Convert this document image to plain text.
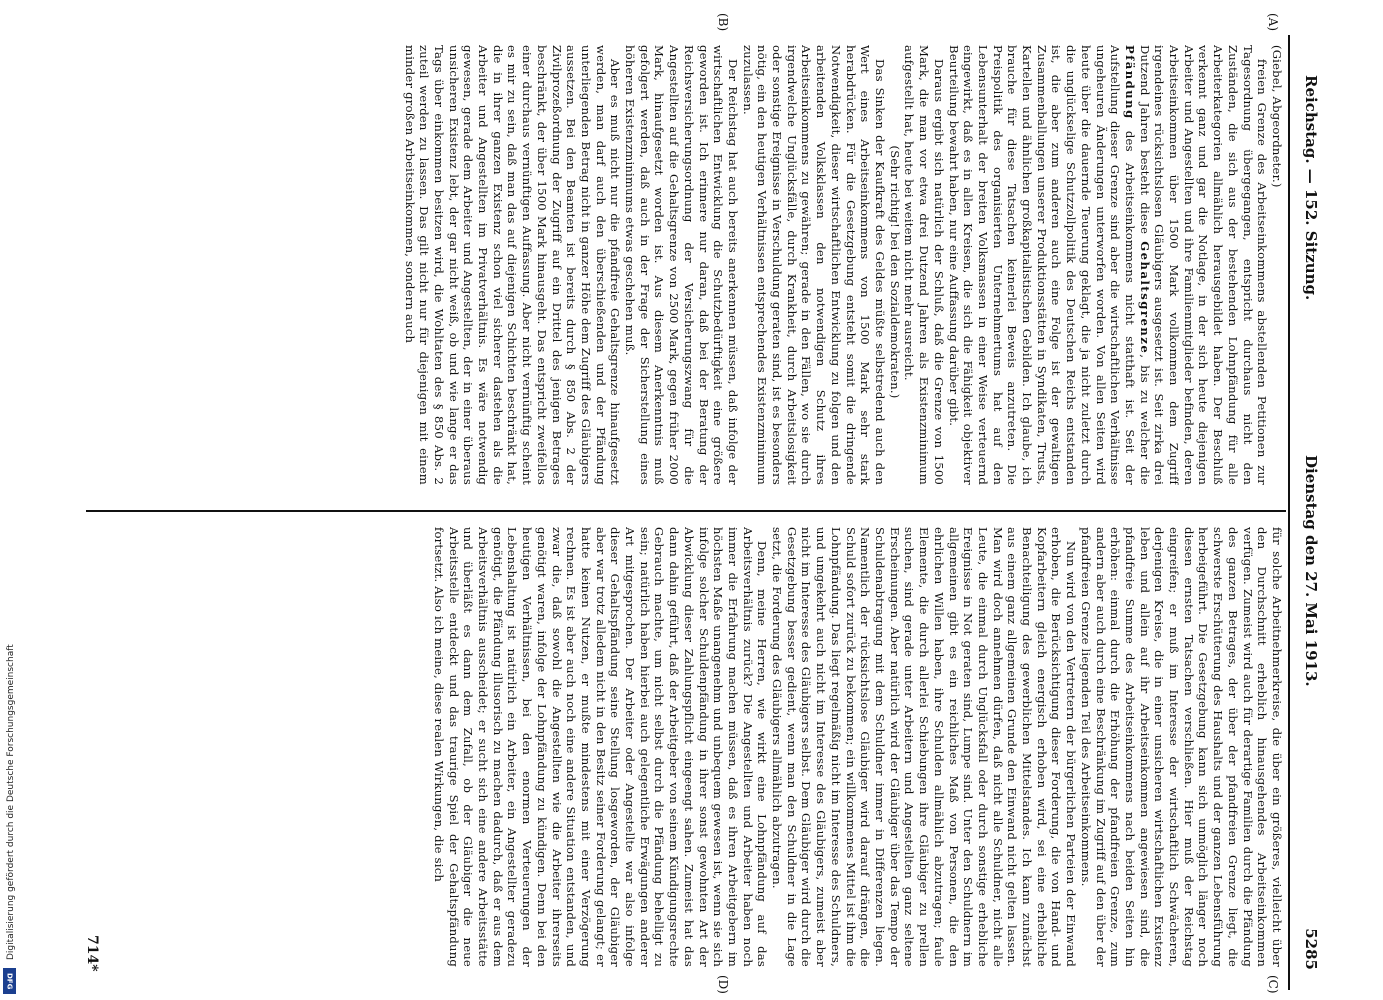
Digitalisierung gefördert durch die Deutsche Forschungsgemeinschaft
DFG
Reichstag. — 152. Sitzung.
Dienstag den 27. Mai 1913.
5285
(A)
(B)
(C)
(D)

(Giebel, Abgeordneter.)

freien Grenze des Arbeitseinkommens abstellenden Petitionen zur Tagesordnung übergegangen, entspricht durchaus nicht den Zuständen, die sich aus der bestehenden Lohnpfändung für alle Arbeiterkategorien allmählich herausgebildet haben. Der Beschluß verkennt ganz und gar die Notlage, in der sich heute diejenigen Arbeiter und Angestellten und ihre Familienmitglieder befinden, deren Arbeitseinkommen über 1500 Mark vollkommen dem Zugriff irgendeines rücksichtslosen Gläubigers ausgesetzt ist. Seit zirka drei Dutzend Jahren besteht diese Gehaltsgrenze, bis zu welcher die Pfändung des Arbeitseinkommens nicht statthaft ist. Seit der Aufstellung dieser Grenze sind aber die wirtschaftlichen Verhältnisse ungeheuren Änderungen unterworfen worden. Von allen Seiten wird heute über die dauernde Teuerung geklagt, die ja nicht zuletzt durch die unglückselige Schutzzollpolitik des Deutschen Reichs entstanden ist, die aber zum anderen auch eine Folge ist der gewaltigen Zusammenballungen unserer Produktionsstätten in Syndikaten, Trusts, Kartellen und ähnlichen großkapitalistischen Gebilden. Ich glaube, ich brauche für diese Tatsachen keinerlei Beweis anzutreten. Die Preispolitik des organisierten Unternehmertums hat auf den Lebensunterhalt der breiten Volksmassen in einer Weise verteuernd eingewirkt, daß es in allen Kreisen, die sich die Fähigkeit objektiver Beurteilung bewahrt haben, nur eine Auffassung darüber gibt.

Daraus ergibt sich natürlich der Schluß, daß die Grenze von 1500 Mark, die man vor etwa drei Dutzend Jahren als Existenzminimum aufgestellt hat, heute bei weitem nicht mehr ausreicht.

(Sehr richtig! bei den Sozialdemokraten.)

Das Sinken der Kaufkraft des Geldes müßte selbstredend auch den Wert eines Arbeitseinkommens von 1500 Mark sehr stark herabdrücken. Für die Gesetzgebung entsteht somit die dringende Notwendigkeit, dieser wirtschaftlichen Entwicklung zu folgen und den arbeitenden Volksklassen den notwendigen Schutz ihres Arbeitseinkommens zu gewähren; gerade in den Fällen, wo sie durch irgendwelche Unglücksfälle, durch Krankheit, durch Arbeitslosigkeit oder sonstige Ereignisse in Verschuldung geraten sind, ist es besonders nötig, ein den heutigen Verhältnissen entsprechendes Existenzminimum zuzulassen.

Der Reichstag hat auch bereits anerkennen müssen, daß infolge der wirtschaftlichen Entwicklung die Schutzbedürftigkeit eine größere geworden ist. Ich erinnere nur daran, daß bei der Beratung der Reichsversicherungsordnung der Versicherungszwang für die Angestellten auf die Gehaltsgrenze von 2500 Mark, gegen früher 2000 Mark, hinaufgesetzt worden ist. Aus diesem Anerkenntnis muß gefolgert werden, daß auch in der Frage der Sicherstellung eines höheren Existenzminimums etwas geschehen muß.

Aber es muß nicht nur die pfandfreie Gehaltsgrenze hinaufgesetzt werden, man darf auch den überschießenden und der Pfändung unterliegenden Betrag nicht in ganzer Höhe dem Zugriff des Gläubigers aussetzen. Bei den Beamten ist bereits durch § 850 Abs. 2 der Zivilprozeßordnung der Zugriff auf ein Drittel des jenigen Betrages beschränkt, der über 1500 Mark hinausgeht. Das entspricht zweifellos einer durchaus vernünftigen Auffassung. Aber nicht vernünftig scheint es mir zu sein, daß man das auf diejenigen Schichten beschränkt hat, die in ihrer ganzen Existenz schon viel sicherer dastehen als die Arbeiter und Angestellten im Privatverhältnis. Es wäre notwendig gewesen, gerade dem Arbeiter und Angestellten, der in einer überaus unsicheren Existenz lebt, der gar nicht weiß, ob und wie lange er das Tags über einkommen besitzen wird, die Wohltaten des § 850 Abs. 2 zuteil werden zu lassen. Das gilt nicht nur für diejenigen mit einem minder großen Arbeitseinkommen, sondern auch

für solche Arbeitnehmerkreise, die über ein größeres, vielleicht über den Durchschnitt erheblich hinausgehendes Arbeitseinkommen verfügen. Zumeist wird auch für derartige Familien durch die Pfändung des ganzen Betrages, der über der pfandfreien Grenze liegt, die schwerste Erschütterung des Haushalts und der ganzen Lebensführung herbeigeführt. Die Gesetzgebung kann sich unmöglich länger noch diesen ernsten Tatsachen verschließen. Hier muß der Reichstag eingreifen; er muß im Interesse der wirtschaftlich Schwächeren, derjenigen Kreise, die in einer unsicheren wirtschaftlichen Existenz leben und allein auf ihr Arbeitseinkommen angewiesen sind, die pfandfreie Summe des Arbeitseinkommens nach beiden Seiten hin erhöhen: einmal durch die Erhöhung der pfandfreien Grenze, zum andern aber auch durch eine Beschränkung im Zugriff auf den über der pfandfreien Grenze liegenden Teil des Arbeitseinkommens.

Nun wird von den Vertretern der bürgerlichen Parteien der Einwand erhoben, die Berücksichtigung dieser Forderung, die von Hand- und Kopfarbeitern gleich energisch erhoben wird, sei eine erhebliche Benachteiligung des gewerblichen Mittelstandes. Ich kann zunächst aus einem ganz allgemeinen Grunde den Einwand nicht gelten lassen. Man wird doch annehmen dürfen, daß nicht alle Schuldner, nicht alle Leute, die einmal durch Unglücksfall oder durch sonstige erhebliche Ereignisse in Not geraten sind, Lumpe sind. Unter den Schuldnern im allgemeinen gibt es ein reichliches Maß von Personen, die den ehrlichen Willen haben, ihre Schulden allmählich abzutragen; faule Elemente, die durch allerlei Schiebungen ihre Gläubiger zu prellen suchen, sind gerade unter Arbeitern und Angestellten ganz seltene Erscheinungen. Aber natürlich wird der Gläubiger über das Tempo der Schuldenabtragung mit dem Schuldner immer in Differenzen liegen. Namentlich der rücksichtslose Gläubiger wird darauf drängen, die Schuld sofort zurück zu bekommen; ein willkommenes Mittel ist ihm die Lohnpfändung. Das liegt regelmäßig nicht im Interesse des Schuldners, und umgekehrt auch nicht im Interesse des Gläubigers, zumeist aber nicht im Interesse des Gläubigers selbst. Dem Gläubiger wird durch die Gesetzgebung besser gedient, wenn man den Schuldner in die Lage setzt, die Forderung des Gläubigers allmählich abzutragen.

Denn, meine Herren, wie wirkt eine Lohnpfändung auf das Arbeitsverhältnis zurück? Die Angestellten und Arbeiter haben noch immer die Erfahrung machen müssen, daß es ihren Arbeitgebern im höchsten Maße unangenehm und unbequem gewesen ist, wenn sie sich infolge solcher Schuldenpfändung in ihrer sonst gewohnten Art der Abwicklung dieser Zahlungspflicht eingeengt sahen. Zumeist hat das dann dahin geführt, daß der Arbeitgeber von seinem Kündigungsrechte Gebrauch machte, um nicht selbst durch die Pfändung behelligt zu sein; natürlich haben hierbei auch gelegentliche Erwägungen anderer Art mitgesprochen. Der Arbeiter oder Angestellte war also infolge dieser Gehaltspfändung seine Stellung losgeworden, der Gläubiger aber war trotz alledem nicht in den Besitz seiner Forderung gelangt; er hatte keinen Nutzen, er mußte mindestens mit einer Verzögerung rechnen. Es ist aber auch noch eine andere Situation entstanden, und zwar die, daß sowohl die Angestellten wie die Arbeiter ihrerseits genötigt waren, infolge der Lohnpfändung zu kündigen. Denn bei den heutigen Verhältnissen, bei den enormen Verteuerungen der Lebenshaltung ist natürlich ein Arbeiter, ein Angestellter geradezu genötigt, die Pfändung illusorisch zu machen dadurch, daß er aus dem Arbeitsverhältnis ausscheidet; er sucht sich eine andere Arbeitsstätte und überläßt es dann dem Zufall, ob der Gläubiger die neue Arbeitsstelle entdeckt und das traurige Spiel der Gehaltspfändung fortsetzt. Also ich meine, diese realen Wirkungen, die sich

714*
